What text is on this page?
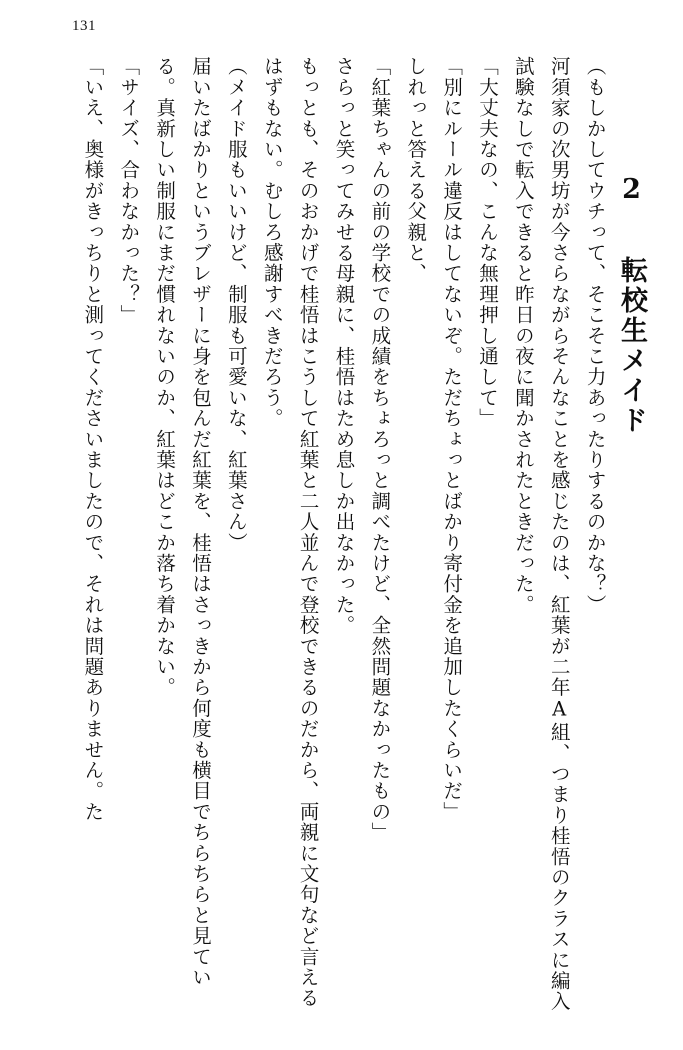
131
2 転校生メイド

（もしかしてウチって、そこそこ力あったりするのかな？）

河須家の次男坊が今さらながらそんなことを感じたのは、紅葉が二年A組、つまり桂悟のクラスに編入試験なしで転入できると昨日の夜に聞かされたときだった。

「大丈夫なの、こんな無理押し通して」

「別にルール違反はしてないぞ。ただちょっとばかり寄付金を追加したくらいだ」

しれっと答える父親と、

「紅葉ちゃんの前の学校での成績をちょろっと調べたけど、全然問題なかったもの」

さらっと笑ってみせる母親に、桂悟はため息しか出なかった。

もっとも、そのおかげで桂悟はこうして紅葉と二人並んで登校できるのだから、両親に文句など言えるはずもない。むしろ感謝すべきだろう。

（メイド服もいいけど、制服も可愛いな、紅葉さん）

届いたばかりというブレザーに身を包んだ紅葉を、桂悟はさっきから何度も横目でちらちらと見ている。真新しい制服にまだ慣れないのか、紅葉はどこか落ち着かない。

「サイズ、合わなかった？」

「いえ、奥様がきっちりと測ってくださいましたので、それは問題ありません。た
